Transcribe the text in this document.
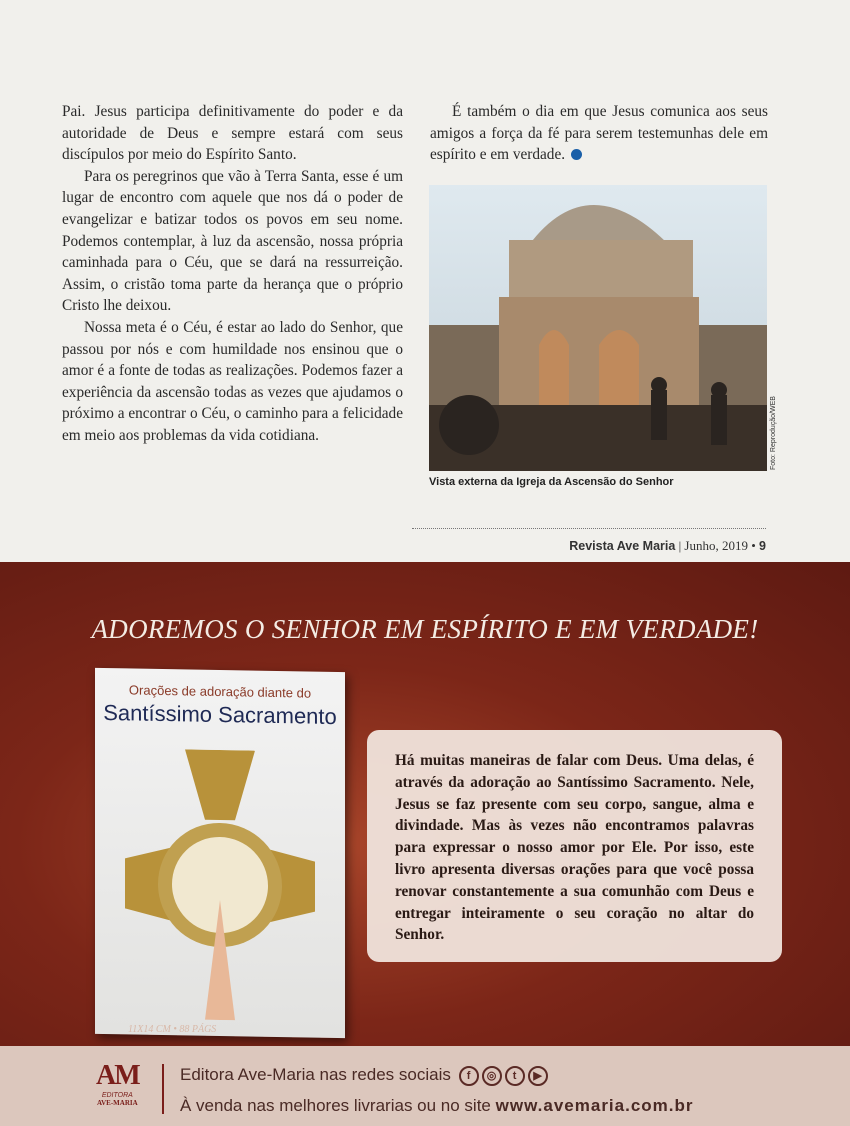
Pai. Jesus participa definitivamente do poder e da autoridade de Deus e sempre estará com seus discípulos por meio do Espírito Santo.

Para os peregrinos que vão à Terra Santa, esse é um lugar de encontro com aquele que nos dá o poder de evangelizar e batizar todos os povos em seu nome. Podemos contemplar, à luz da ascensão, nossa própria caminhada para o Céu, que se dará na ressurreição. Assim, o cristão toma parte da herança que o próprio Cristo lhe deixou.

Nossa meta é o Céu, é estar ao lado do Senhor, que passou por nós e com humildade nos ensinou que o amor é a fonte de todas as realizações. Podemos fazer a experiência da ascensão todas as vezes que ajudamos o próximo a encontrar o Céu, o caminho para a felicidade em meio aos problemas da vida cotidiana.

É também o dia em que Jesus comunica aos seus amigos a força da fé para serem testemunhas dele em espírito e em verdade.

Vista externa da Igreja da Ascensão do Senhor
Foto: Reprodução/WEB
Revista Ave Maria | Junho, 2019 • 9
ADOREMOS O SENHOR EM ESPÍRITO E EM VERDADE!
Orações de adoração diante do
Santíssimo Sacramento
11X14 CM • 88 PÁGS
Há muitas maneiras de falar com Deus. Uma delas, é através da adoração ao Santíssimo Sacramento. Nele, Jesus se faz presente com seu corpo, sangue, alma e divindade. Mas às vezes não encontramos palavras para expressar o nosso amor por Ele. Por isso, este livro apresenta diversas orações para que você possa renovar constantemente a sua comunhão com Deus e entregar inteiramente o seu coração no altar do Senhor.
AM
EDITORA
AVE-MARIA
Editora Ave-Maria nas redes sociais f ◎ t ▶
À venda nas melhores livrarias ou no site www.avemaria.com.br
